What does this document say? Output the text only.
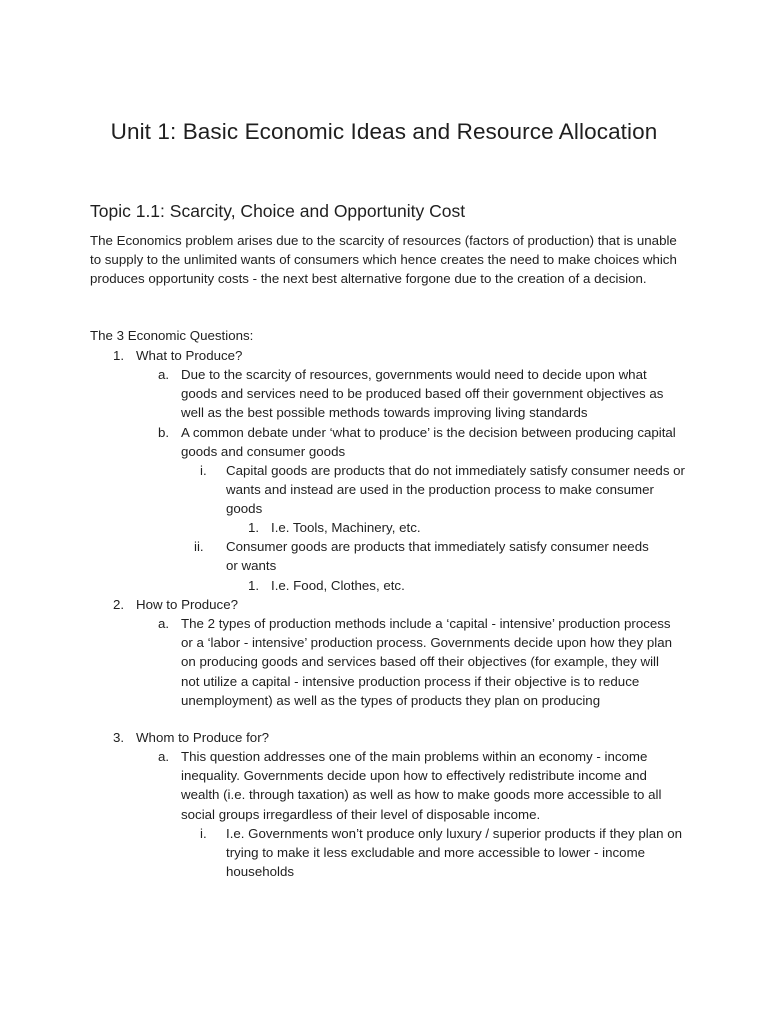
Unit 1: Basic Economic Ideas and Resource Allocation
Topic 1.1: Scarcity, Choice and Opportunity Cost

The Economics problem arises due to the scarcity of resources (factors of production) that is unable to supply to the unlimited wants of consumers which hence creates the need to make choices which produces opportunity costs - the next best alternative forgone due to the creation of a decision.

The 3 Economic Questions:
1. What to Produce?
a. Due to the scarcity of resources, governments would need to decide upon what goods and services need to be produced based off their government objectives as well as the best possible methods towards improving living standards

b. A common debate under ‘what to produce’ is the decision between producing capital goods and consumer goods

i. Capital goods are products that do not immediately satisfy consumer needs or wants and instead are used in the production process to make consumer goods

1. I.e. Tools, Machinery, etc.
ii. Consumer goods are products that immediately satisfy consumer needs or wants

1. I.e. Food, Clothes, etc.
2. How to Produce?
a. The 2 types of production methods include a ‘capital - intensive’ production process or a ‘labor - intensive’ production process. Governments decide upon how they plan on producing goods and services based off their objectives (for example, they will not utilize a capital - intensive production process if their objective is to reduce unemployment) as well as the types of products they plan on producing

3. Whom to Produce for?
a. This question addresses one of the main problems within an economy - income inequality. Governments decide upon how to effectively redistribute income and wealth (i.e. through taxation) as well as how to make goods more accessible to all social groups irregardless of their level of disposable income.

i. I.e. Governments won’t produce only luxury / superior products if they plan on trying to make it less excludable and more accessible to lower - income households
